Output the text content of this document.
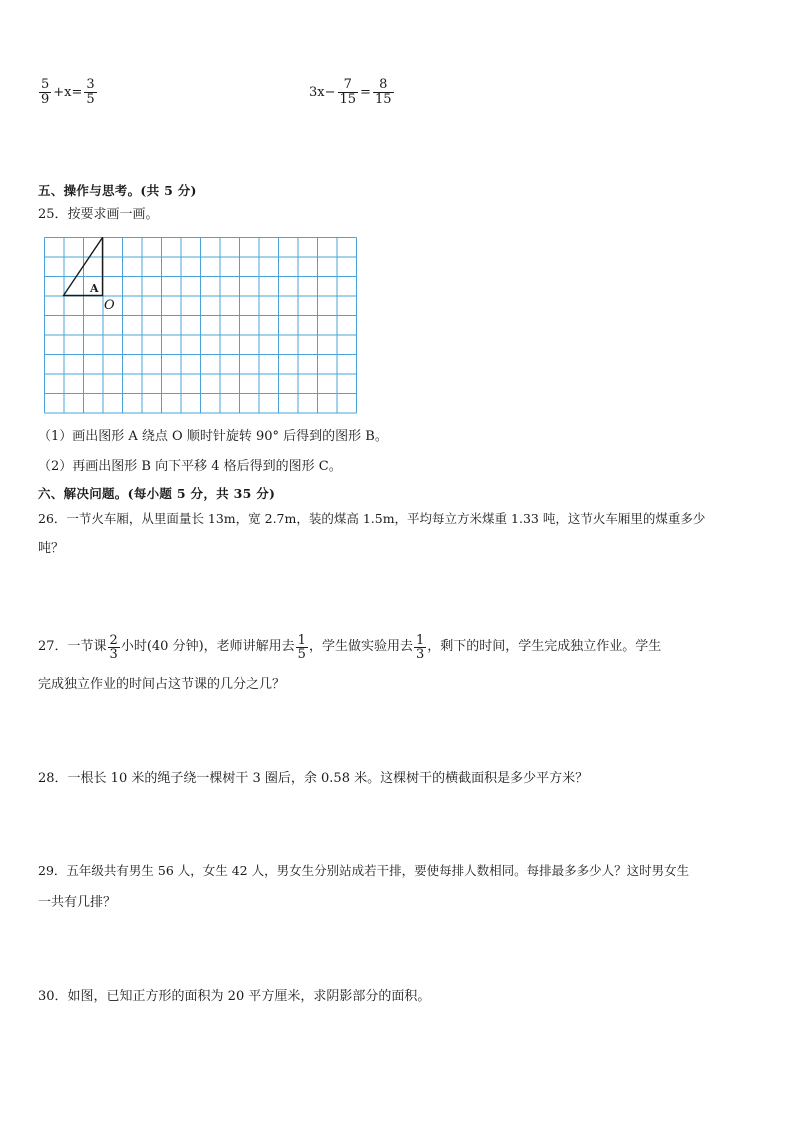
$\frac{5}{9} +x= \frac{3}{5}$	$3x- \frac{7}{15} = \frac{8}{15}$
五、操作与思考。(共 5 分)
25．按要求画一画。
A
O
（1）画出图形 A 绕点 O 顺时针旋转 90° 后得到的图形 B。
（2）再画出图形 B 向下平移 4 格后得到的图形 C。
六、解决问题。(每小题 5 分，共 35 分)
26．一节火车厢，从里面量长 13m，宽 2.7m，装的煤高 1.5m，平均每立方米煤重 1.33 吨，这节火车厢里的煤重多少
吨？
27．一节课 $\frac{2}{3}$ 小时(40 分钟)，老师讲解用去 $\frac{1}{5}$ ，学生做实验用去 $\frac{1}{3}$ ，剩下的时间，学生完成独立作业。学生
完成独立作业的时间占这节课的几分之几？
28．一根长 10 米的绳子绕一棵树干 3 圈后，余 0.58 米。这棵树干的横截面积是多少平方米？
29．五年级共有男生 56 人，女生 42 人，男女生分别站成若干排，要使每排人数相同。每排最多多少人？这时男女生
一共有几排？
30．如图，已知正方形的面积为 20 平方厘米，求阴影部分的面积。
